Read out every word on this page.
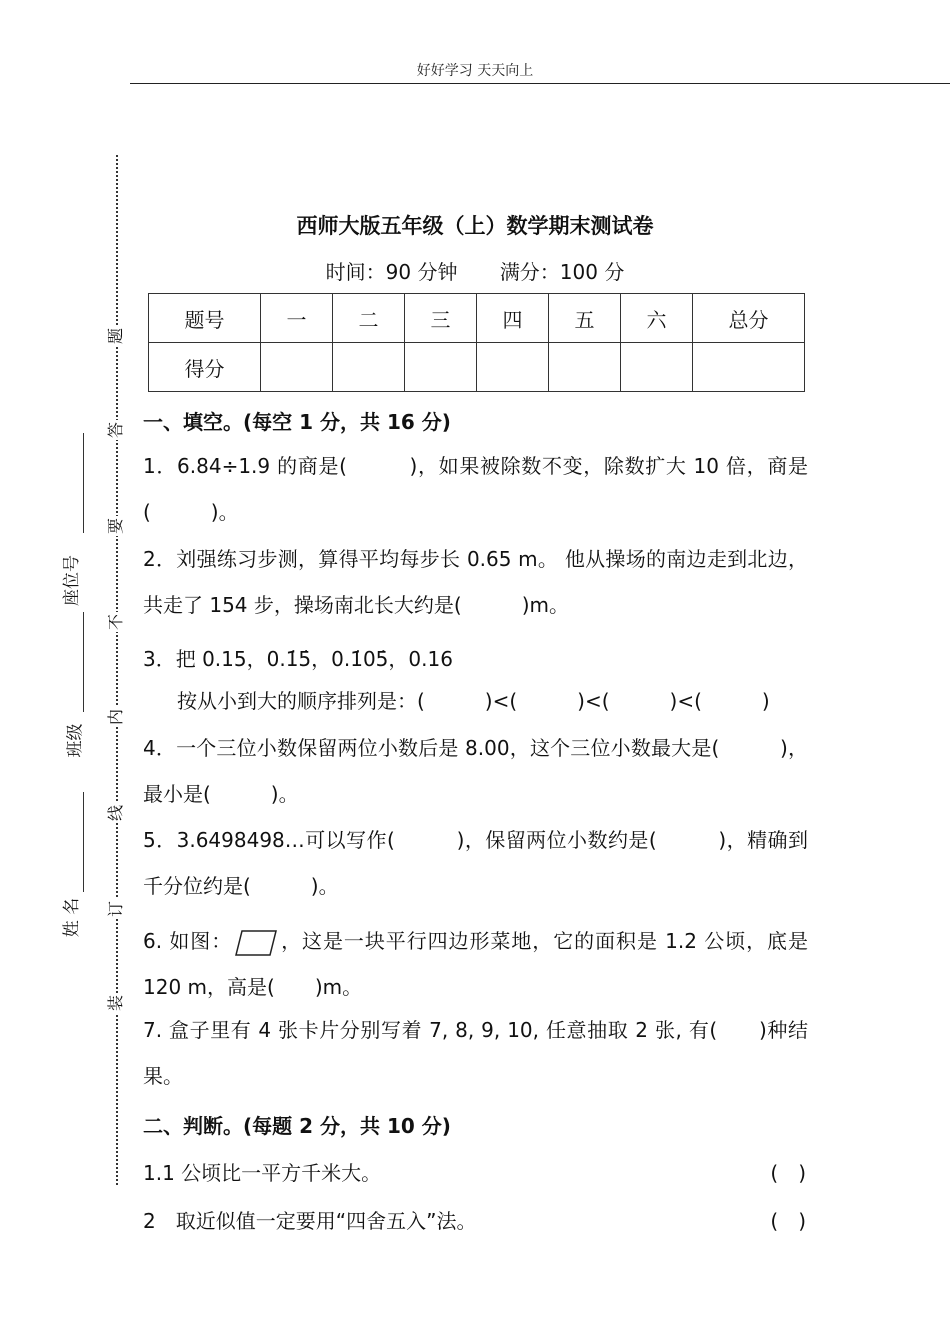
好好学习 天天向上
题
答
要
不
内
线
订
装
座位号
班级
姓 名
西师大版五年级（上）数学期末测试卷
时间：90 分钟 满分：100 分
题号	一	二	三	四	五	六	总分
得分							
一、填空。(每空 1 分，共 16 分)
1．6.84÷1.9 的商是(　　　)，如果被除数不变，除数扩大 10 倍，商是(　　　)。
2．刘强练习步测，算得平均每步长 0.65 m。 他从操场的南边走到北边，共走了 154 步，操场南北长大约是(　　　)m。
3．把 0.15，0.1̇5̇，0.1̇05̇，0.16
按从小到大的顺序排列是：(　　　)<(　　　)<(　　　)<(　　　)
4．一个三位小数保留两位小数后是 8.00，这个三位小数最大是(　　　)，最小是(　　　)。
5．3.6498498…可以写作(　　　)，保留两位小数约是(　　　)，精确到千分位约是(　　　)。
6. 如图： ，这是一块平行四边形菜地，它的面积是 1.2 公顷，底是 120 m，高是(　　)m。
7. 盒子里有 4 张卡片分别写着 7, 8, 9, 10, 任意抽取 2 张, 有(　　)种结果。
二、判断。(每题 2 分，共 10 分)
1.1 公顷比一平方千米大。	(　)
2　取近似值一定要用“四舍五入”法。	(　)
